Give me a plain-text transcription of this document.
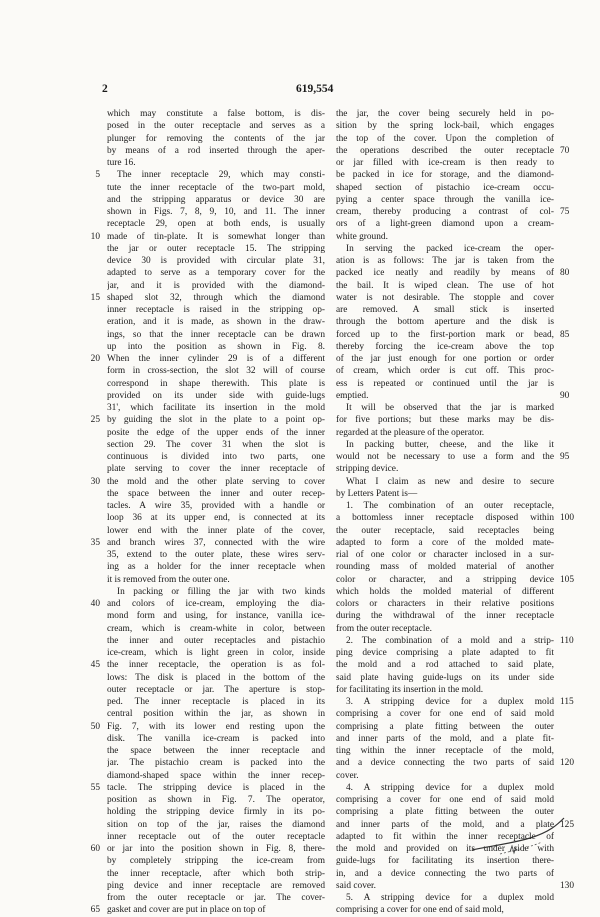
2	619,554
5
10
15
20
25
30
35
40
45
50
55
60
65
which may constitute a false bottom, is dis-
posed in the outer receptacle and serves as a
plunger for removing the contents of the jar
by means of a rod inserted through the aper-
ture 16.
The inner receptacle 29, which may consti-
tute the inner receptacle of the two-part mold,
and the stripping apparatus or device 30 are
shown in Figs. 7, 8, 9, 10, and 11. The inner
receptacle 29, open at both ends, is usually
made of tin-plate. It is somewhat longer than
the jar or outer receptacle 15. The stripping
device 30 is provided with circular plate 31,
adapted to serve as a temporary cover for the
jar, and it is provided with the diamond-
shaped slot 32, through which the diamond
inner receptacle is raised in the stripping op-
eration, and it is made, as shown in the draw-
ings, so that the inner receptacle can be drawn
up into the position as shown in Fig. 8.
When the inner cylinder 29 is of a different
form in cross-section, the slot 32 will of course
correspond in shape therewith. This plate is
provided on its under side with guide-lugs
31', which facilitate its insertion in the mold
by guiding the slot in the plate to a point op-
posite the edge of the upper ends of the inner
section 29. The cover 31 when the slot is
continuous is divided into two parts, one
plate serving to cover the inner receptacle of
the mold and the other plate serving to cover
the space between the inner and outer recep-
tacles. A wire 35, provided with a handle or
loop 36 at its upper end, is connected at its
lower end with the inner plate of the cover,
and branch wires 37, connected with the wire
35, extend to the outer plate, these wires serv-
ing as a holder for the inner receptacle when
it is removed from the outer one.
In packing or filling the jar with two kinds
and colors of ice-cream, employing the dia-
mond form and using, for instance, vanilla ice-
cream, which is cream-white in color, between
the inner and outer receptacles and pistachio
ice-cream, which is light green in color, inside
the inner receptacle, the operation is as fol-
lows: The disk is placed in the bottom of the
outer receptacle or jar. The aperture is stop-
ped. The inner receptacle is placed in its
central position within the jar, as shown in
Fig. 7, with its lower end resting upon the
disk. The vanilla ice-cream is packed into
the space between the inner receptacle and
jar. The pistachio cream is packed into the
diamond-shaped space within the inner recep-
tacle. The stripping device is placed in the
position as shown in Fig. 7. The operator,
holding the stripping device firmly in its po-
sition on top of the jar, raises the diamond
inner receptacle out of the outer receptacle
or jar into the position shown in Fig. 8, there-
by completely stripping the ice-cream from
the inner receptacle, after which both strip-
ping device and inner receptacle are removed
from the outer receptacle or jar. The cover-
gasket and cover are put in place on top of
the jar, the cover being securely held in po-
sition by the spring lock-bail, which engages
the top of the cover. Upon the completion of
the operations described the outer receptacle
or jar filled with ice-cream is then ready to
be packed in ice for storage, and the diamond-
shaped section of pistachio ice-cream occu-
pying a center space through the vanilla ice-
cream, thereby producing a contrast of col-
ors of a light-green diamond upon a cream-
white ground.
In serving the packed ice-cream the oper-
ation is as follows: The jar is taken from the
packed ice neatly and readily by means of
the bail. It is wiped clean. The use of hot
water is not desirable. The stopple and cover
are removed. A small stick is inserted
through the bottom aperture and the disk is
forced up to the first-portion mark or bead,
thereby forcing the ice-cream above the top
of the jar just enough for one portion or order
of cream, which order is cut off. This proc-
ess is repeated or continued until the jar is
emptied.
It will be observed that the jar is marked
for five portions; but these marks may be dis-
regarded at the pleasure of the operator.
In packing butter, cheese, and the like it
would not be necessary to use a form and the
stripping device.
What I claim as new and desire to secure
by Letters Patent is—
1. The combination of an outer receptacle,
a bottomless inner receptacle disposed within
the outer receptacle, said receptacles being
adapted to form a core of the molded mate-
rial of one color or character inclosed in a sur-
rounding mass of molded material of another
color or character, and a stripping device
which holds the molded material of different
colors or characters in their relative positions
during the withdrawal of the inner receptacle
from the outer receptacle.
2. The combination of a mold and a strip-
ping device comprising a plate adapted to fit
the mold and a rod attached to said plate,
said plate having guide-lugs on its under side
for facilitating its insertion in the mold.
3. A stripping device for a duplex mold
comprising a cover for one end of said mold
comprising a plate fitting between the outer
and inner parts of the mold, and a plate fit-
ting within the inner receptacle of the mold,
and a device connecting the two parts of said
cover.
4. A stripping device for a duplex mold
comprising a cover for one end of said mold
comprising a plate fitting between the outer
and inner parts of the mold, and a plate
adapted to fit within the inner receptacle of
the mold and provided on its under side with
guide-lugs for facilitating its insertion there-
in, and a device connecting the two parts of
said cover.
5. A stripping device for a duplex mold
comprising a cover for one end of said mold,
70
75
80
85
90
95
100
105
110
115
120
125
130
